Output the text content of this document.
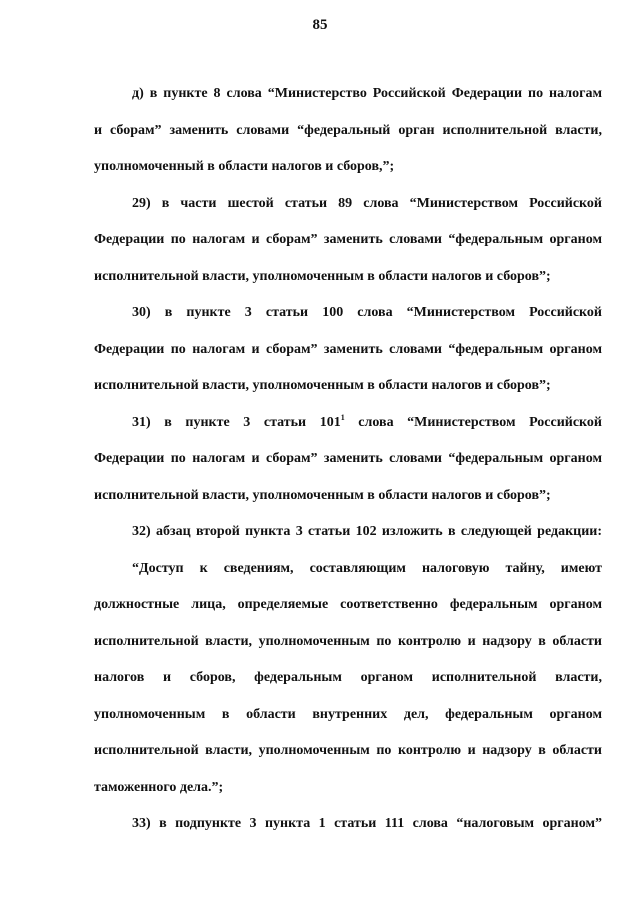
85
д) в пункте 8 слова “Министерство Российской Федерации по налогам
и сборам” заменить словами “федеральный орган исполнительной власти,
уполномоченный в области налогов и сборов,”;
29) в части шестой статьи 89 слова “Министерством Российской
Федерации по налогам и сборам” заменить словами “федеральным органом
исполнительной власти, уполномоченным в области налогов и сборов”;
30) в пункте 3 статьи 100 слова “Министерством Российской
Федерации по налогам и сборам” заменить словами “федеральным органом
исполнительной власти, уполномоченным в области налогов и сборов”;
31) в пункте 3 статьи $101^1$ слова “Министерством Российской
Федерации по налогам и сборам” заменить словами “федеральным органом
исполнительной власти, уполномоченным в области налогов и сборов”;
32) абзац второй пункта 3 статьи 102 изложить в следующей редакции:
“Доступ к сведениям, составляющим налоговую тайну, имеют
должностные лица, определяемые соответственно федеральным органом
исполнительной власти, уполномоченным по контролю и надзору в области
налогов и сборов, федеральным органом исполнительной власти,
уполномоченным в области внутренних дел, федеральным органом
исполнительной власти, уполномоченным по контролю и надзору в области
таможенного дела.”;
33) в подпункте 3 пункта 1 статьи 111 слова “налоговым органом”
